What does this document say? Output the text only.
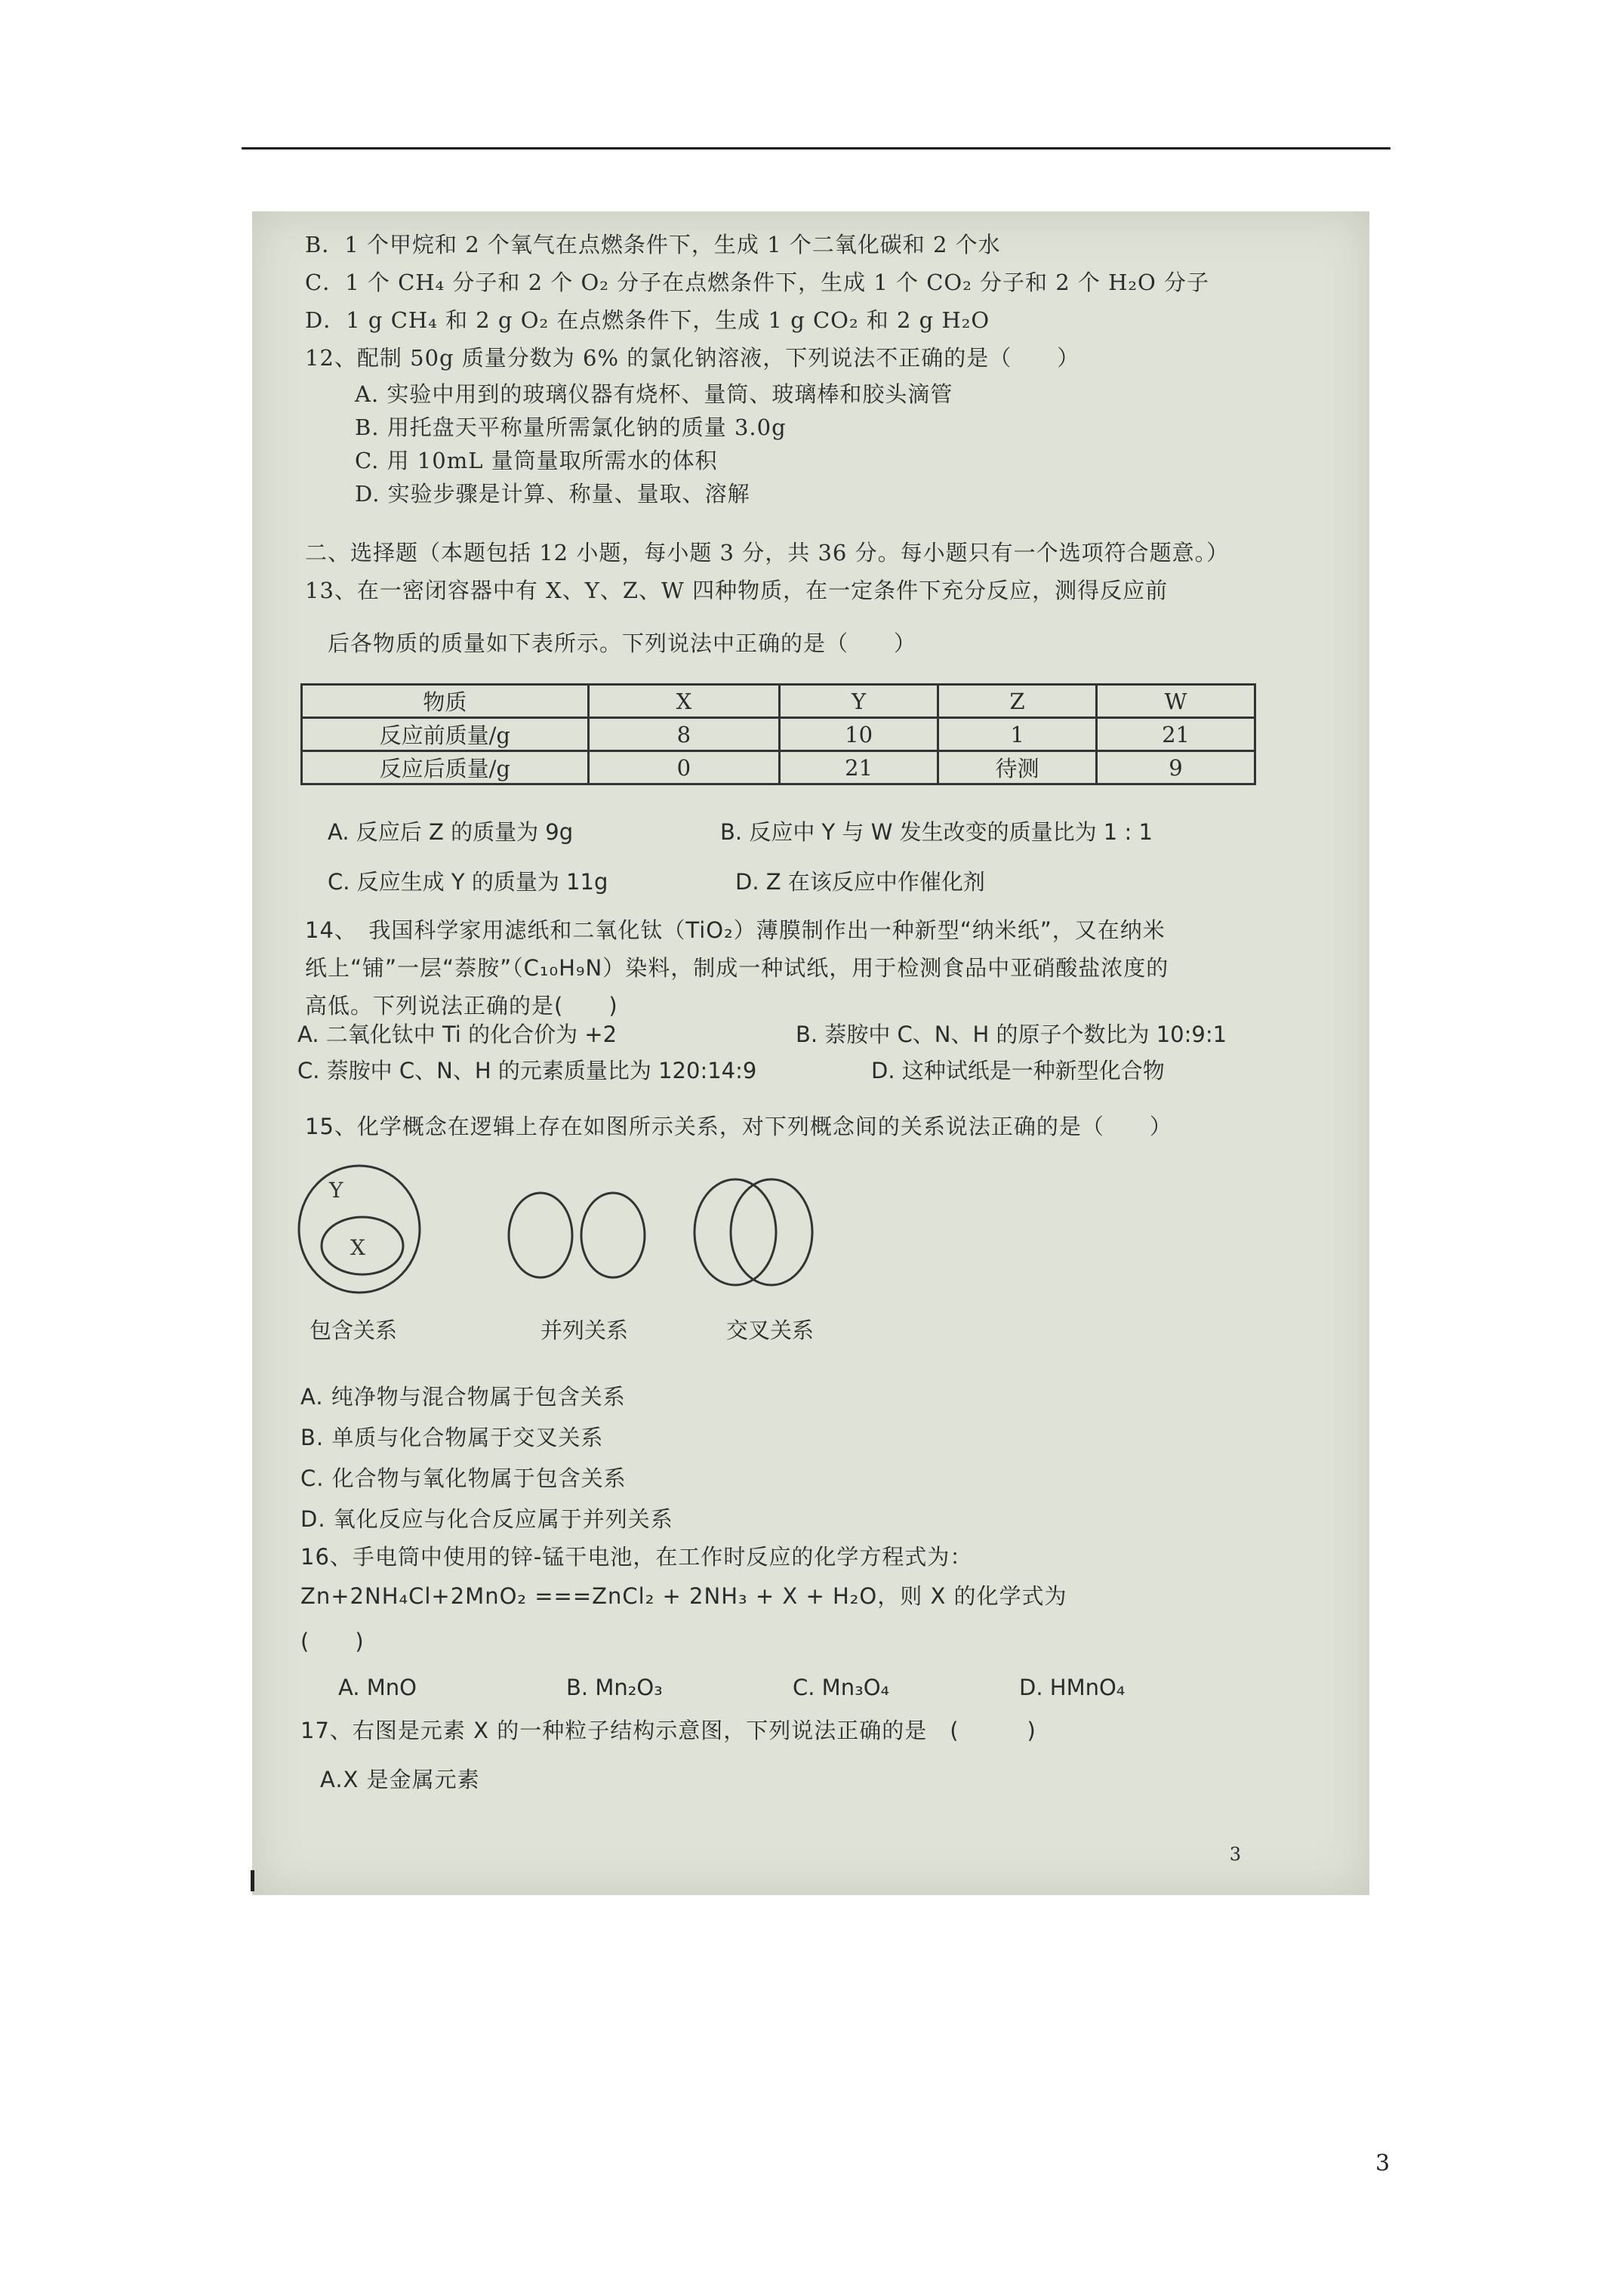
B．1 个甲烷和 2 个氧气在点燃条件下，生成 1 个二氧化碳和 2 个水
C．1 个 CH₄ 分子和 2 个 O₂ 分子在点燃条件下，生成 1 个 CO₂ 分子和 2 个 H₂O 分子
D．1 g CH₄ 和 2 g O₂ 在点燃条件下，生成 1 g CO₂ 和 2 g H₂O
12、配制 50g 质量分数为 6% 的氯化钠溶液，下列说法不正确的是（　　）
A. 实验中用到的玻璃仪器有烧杯、量筒、玻璃棒和胶头滴管
B. 用托盘天平称量所需氯化钠的质量 3.0g
C. 用 10mL 量筒量取所需水的体积
D. 实验步骤是计算、称量、量取、溶解
二、选择题（本题包括 12 小题，每小题 3 分，共 36 分。每小题只有一个选项符合题意。）
13、在一密闭容器中有 X、Y、Z、W 四种物质，在一定条件下充分反应，测得反应前
后各物质的质量如下表所示。下列说法中正确的是（　　）
物质	X	Y	Z	W
反应前质量/g	8	10	1	21
反应后质量/g	0	21	待测	9
A. 反应后 Z 的质量为 9g	B. 反应中 Y 与 W 发生改变的质量比为 1 : 1
C. 反应生成 Y 的质量为 11g	D. Z 在该反应中作催化剂
14、　我国科学家用滤纸和二氧化钛（TiO₂）薄膜制作出一种新型“纳米纸”，又在纳米
纸上“铺”一层“萘胺”（C₁₀H₉N）染料，制成一种试纸，用于检测食品中亚硝酸盐浓度的
高低。下列说法正确的是(　　)
A. 二氧化钛中 Ti 的化合价为 +2	B. 萘胺中 C、N、H 的原子个数比为 10:9:1
C. 萘胺中 C、N、H 的元素质量比为 120:14:9	D. 这种试纸是一种新型化合物
15、化学概念在逻辑上存在如图所示关系，对下列概念间的关系说法正确的是（　　）
Y
X
包含关系	并列关系	交叉关系
A. 纯净物与混合物属于包含关系
B. 单质与化合物属于交叉关系
C. 化合物与氧化物属于包含关系
D. 氧化反应与化合反应属于并列关系
16、手电筒中使用的锌-锰干电池，在工作时反应的化学方程式为：
Zn+2NH₄Cl+2MnO₂ ===ZnCl₂ + 2NH₃ + X + H₂O，则 X 的化学式为
(　　)
A. MnO	B. Mn₂O₃	C. Mn₃O₄	D. HMnO₄
17、右图是元素 X 的一种粒子结构示意图，下列说法正确的是　(　　　)
A.X 是金属元素
3
3
